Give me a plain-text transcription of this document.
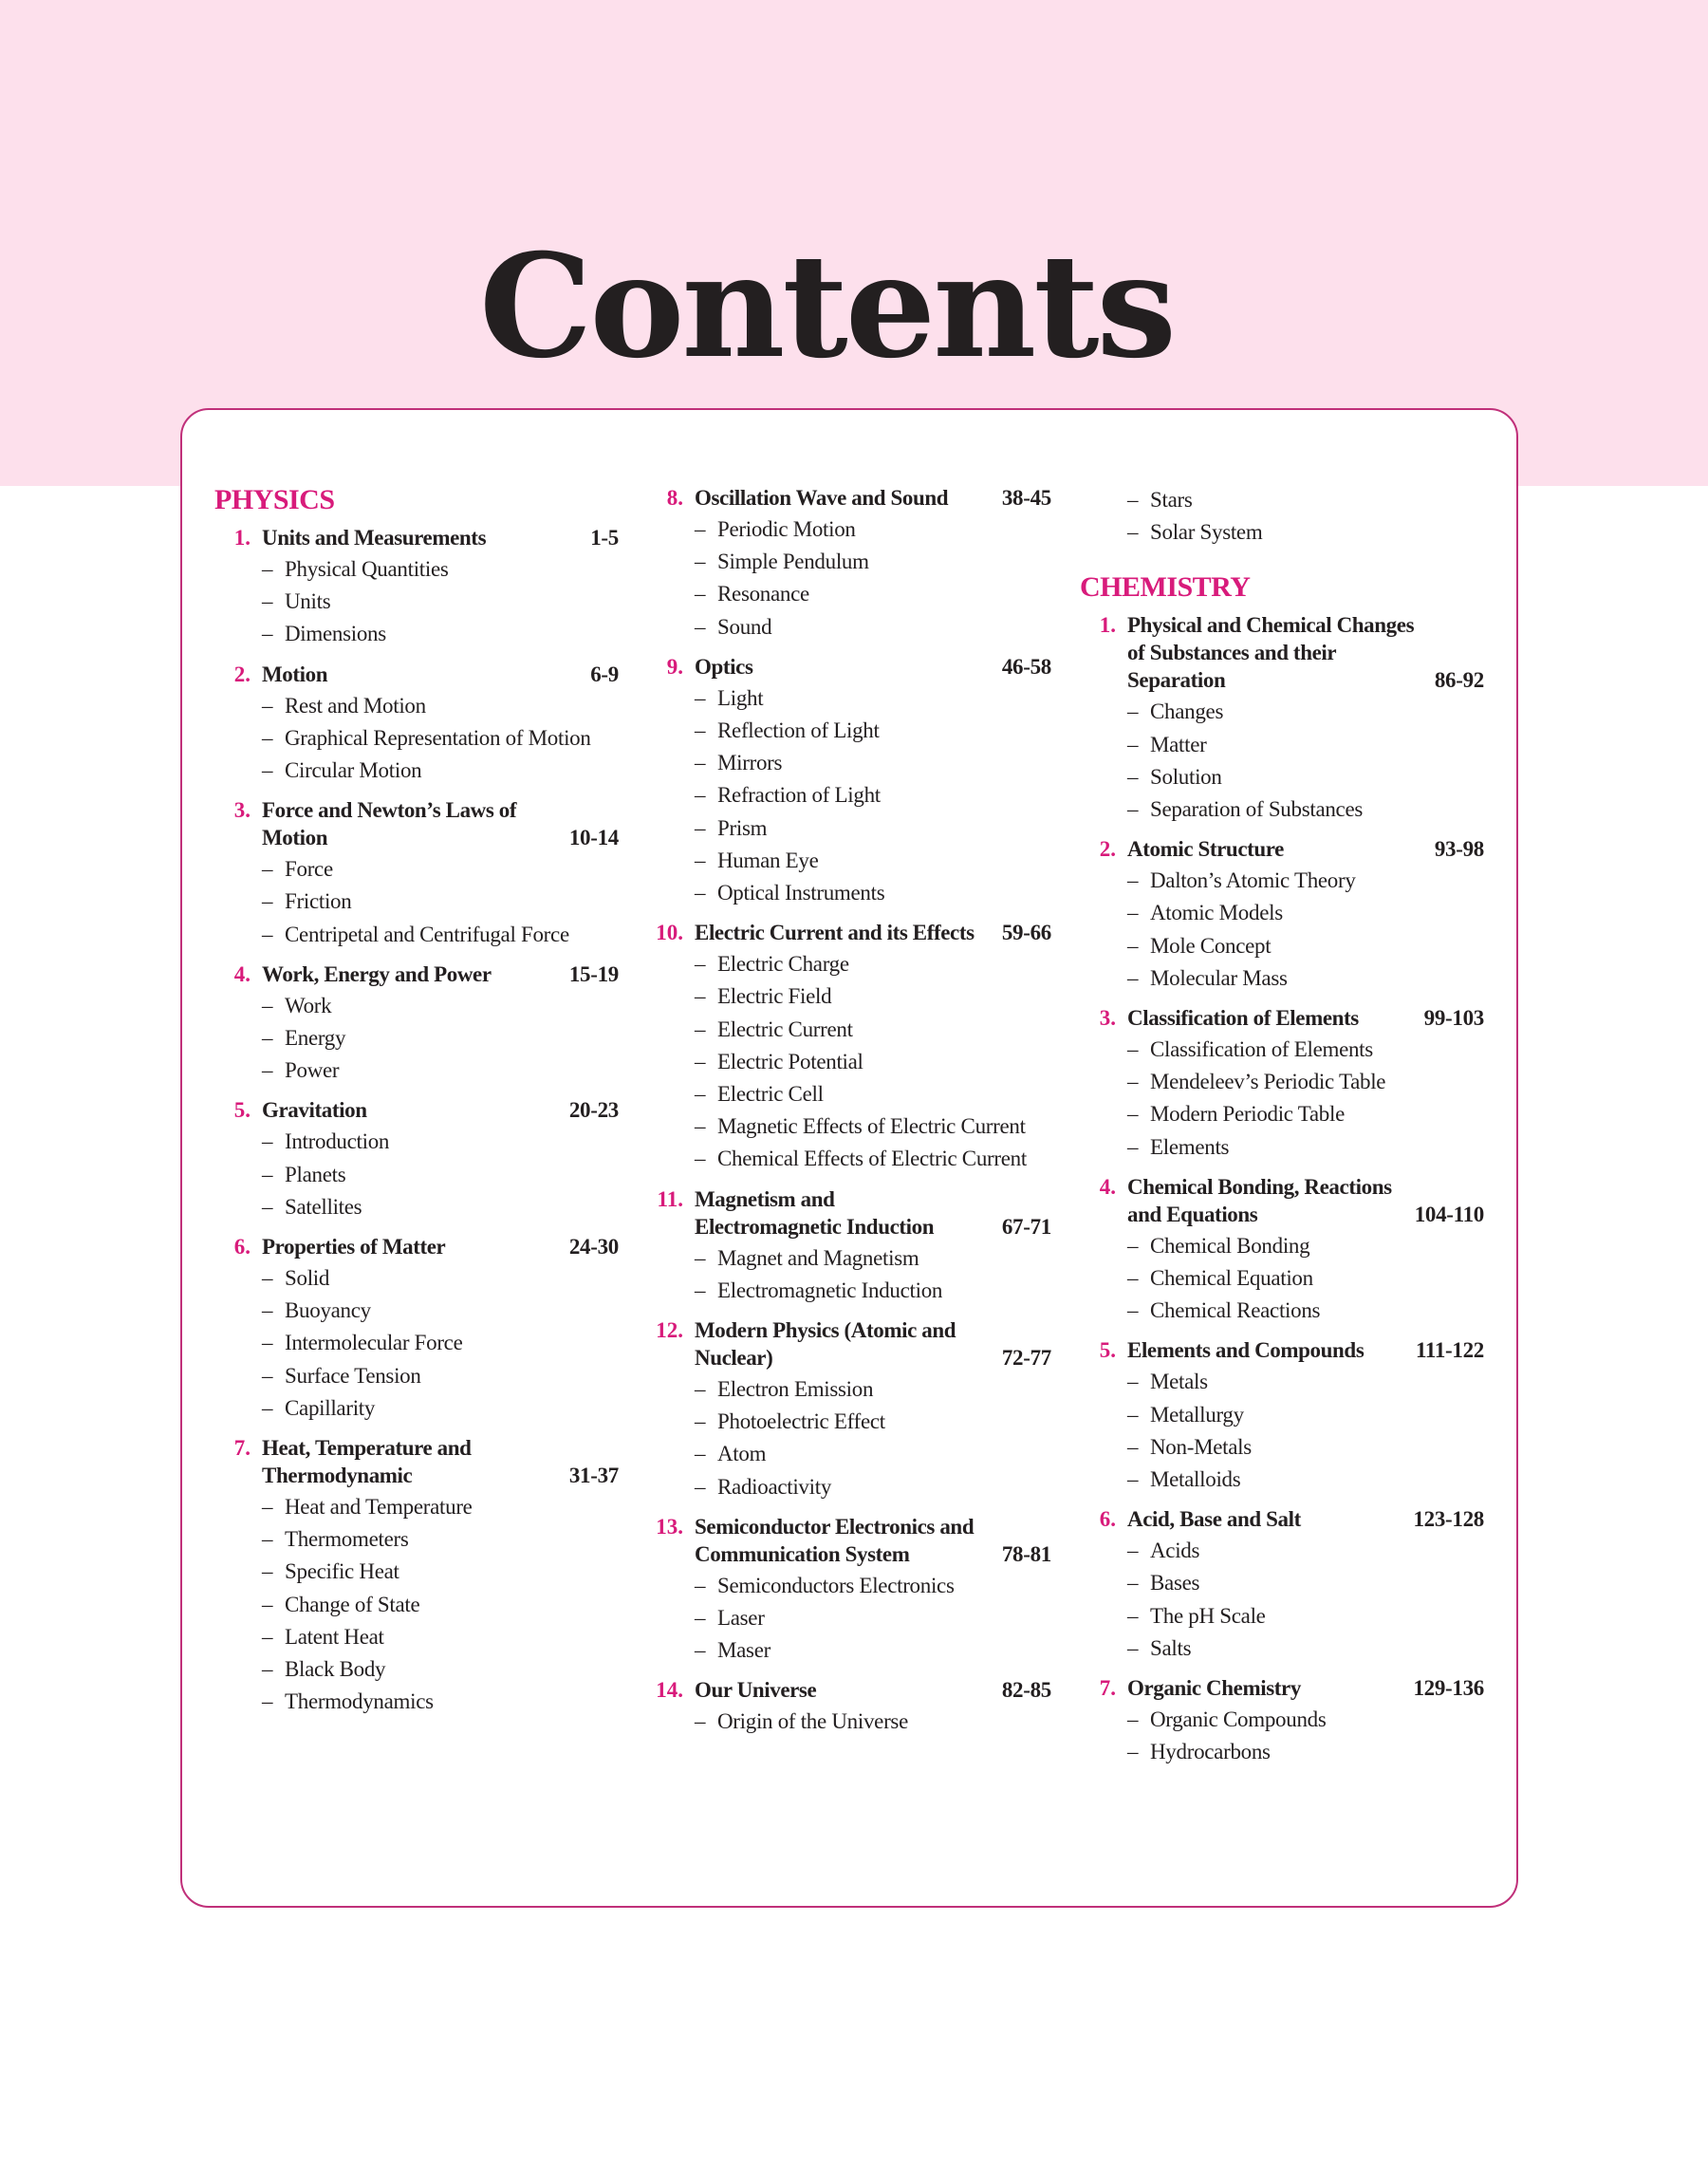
Contents
PHYSICS
1. Units and Measurements	1-5
– Physical Quantities
– Units
– Dimensions
2. Motion	6-9
– Rest and Motion
– Graphical Representation of Motion
– Circular Motion
3. Force and Newton’s Laws of Motion	10-14
– Force
– Friction
– Centripetal and Centrifugal Force
4. Work, Energy and Power	15-19
– Work
– Energy
– Power
5. Gravitation	20-23
– Introduction
– Planets
– Satellites
6. Properties of Matter	24-30
– Solid
– Buoyancy
– Intermolecular Force
– Surface Tension
– Capillarity
7. Heat, Temperature and Thermodynamic	31-37
– Heat and Temperature
– Thermometers
– Specific Heat
– Change of State
– Latent Heat
– Black Body
– Thermodynamics
8. Oscillation Wave and Sound	38-45
– Periodic Motion
– Simple Pendulum
– Resonance
– Sound
9. Optics	46-58
– Light
– Reflection of Light
– Mirrors
– Refraction of Light
– Prism
– Human Eye
– Optical Instruments
10. Electric Current and its Effects	59-66
– Electric Charge
– Electric Field
– Electric Current
– Electric Potential
– Electric Cell
– Magnetic Effects of Electric Current
– Chemical Effects of Electric Current
11. Magnetism and Electromagnetic Induction	67-71
– Magnet and Magnetism
– Electromagnetic Induction
12. Modern Physics (Atomic and Nuclear)	72-77
– Electron Emission
– Photoelectric Effect
– Atom
– Radioactivity
13. Semiconductor Electronics and Communication System	78-81
– Semiconductors Electronics
– Laser
– Maser
14. Our Universe	82-85
– Origin of the Universe
– Stars
– Solar System
CHEMISTRY
1. Physical and Chemical Changes of Substances and their Separation	86-92
– Changes
– Matter
– Solution
– Separation of Substances
2. Atomic Structure	93-98
– Dalton’s Atomic Theory
– Atomic Models
– Mole Concept
– Molecular Mass
3. Classification of Elements	99-103
– Classification of Elements
– Mendeleev’s Periodic Table
– Modern Periodic Table
– Elements
4. Chemical Bonding, Reactions and Equations	104-110
– Chemical Bonding
– Chemical Equation
– Chemical Reactions
5. Elements and Compounds	111-122
– Metals
– Metallurgy
– Non-Metals
– Metalloids
6. Acid, Base and Salt	123-128
– Acids
– Bases
– The pH Scale
– Salts
7. Organic Chemistry	129-136
– Organic Compounds
– Hydrocarbons
